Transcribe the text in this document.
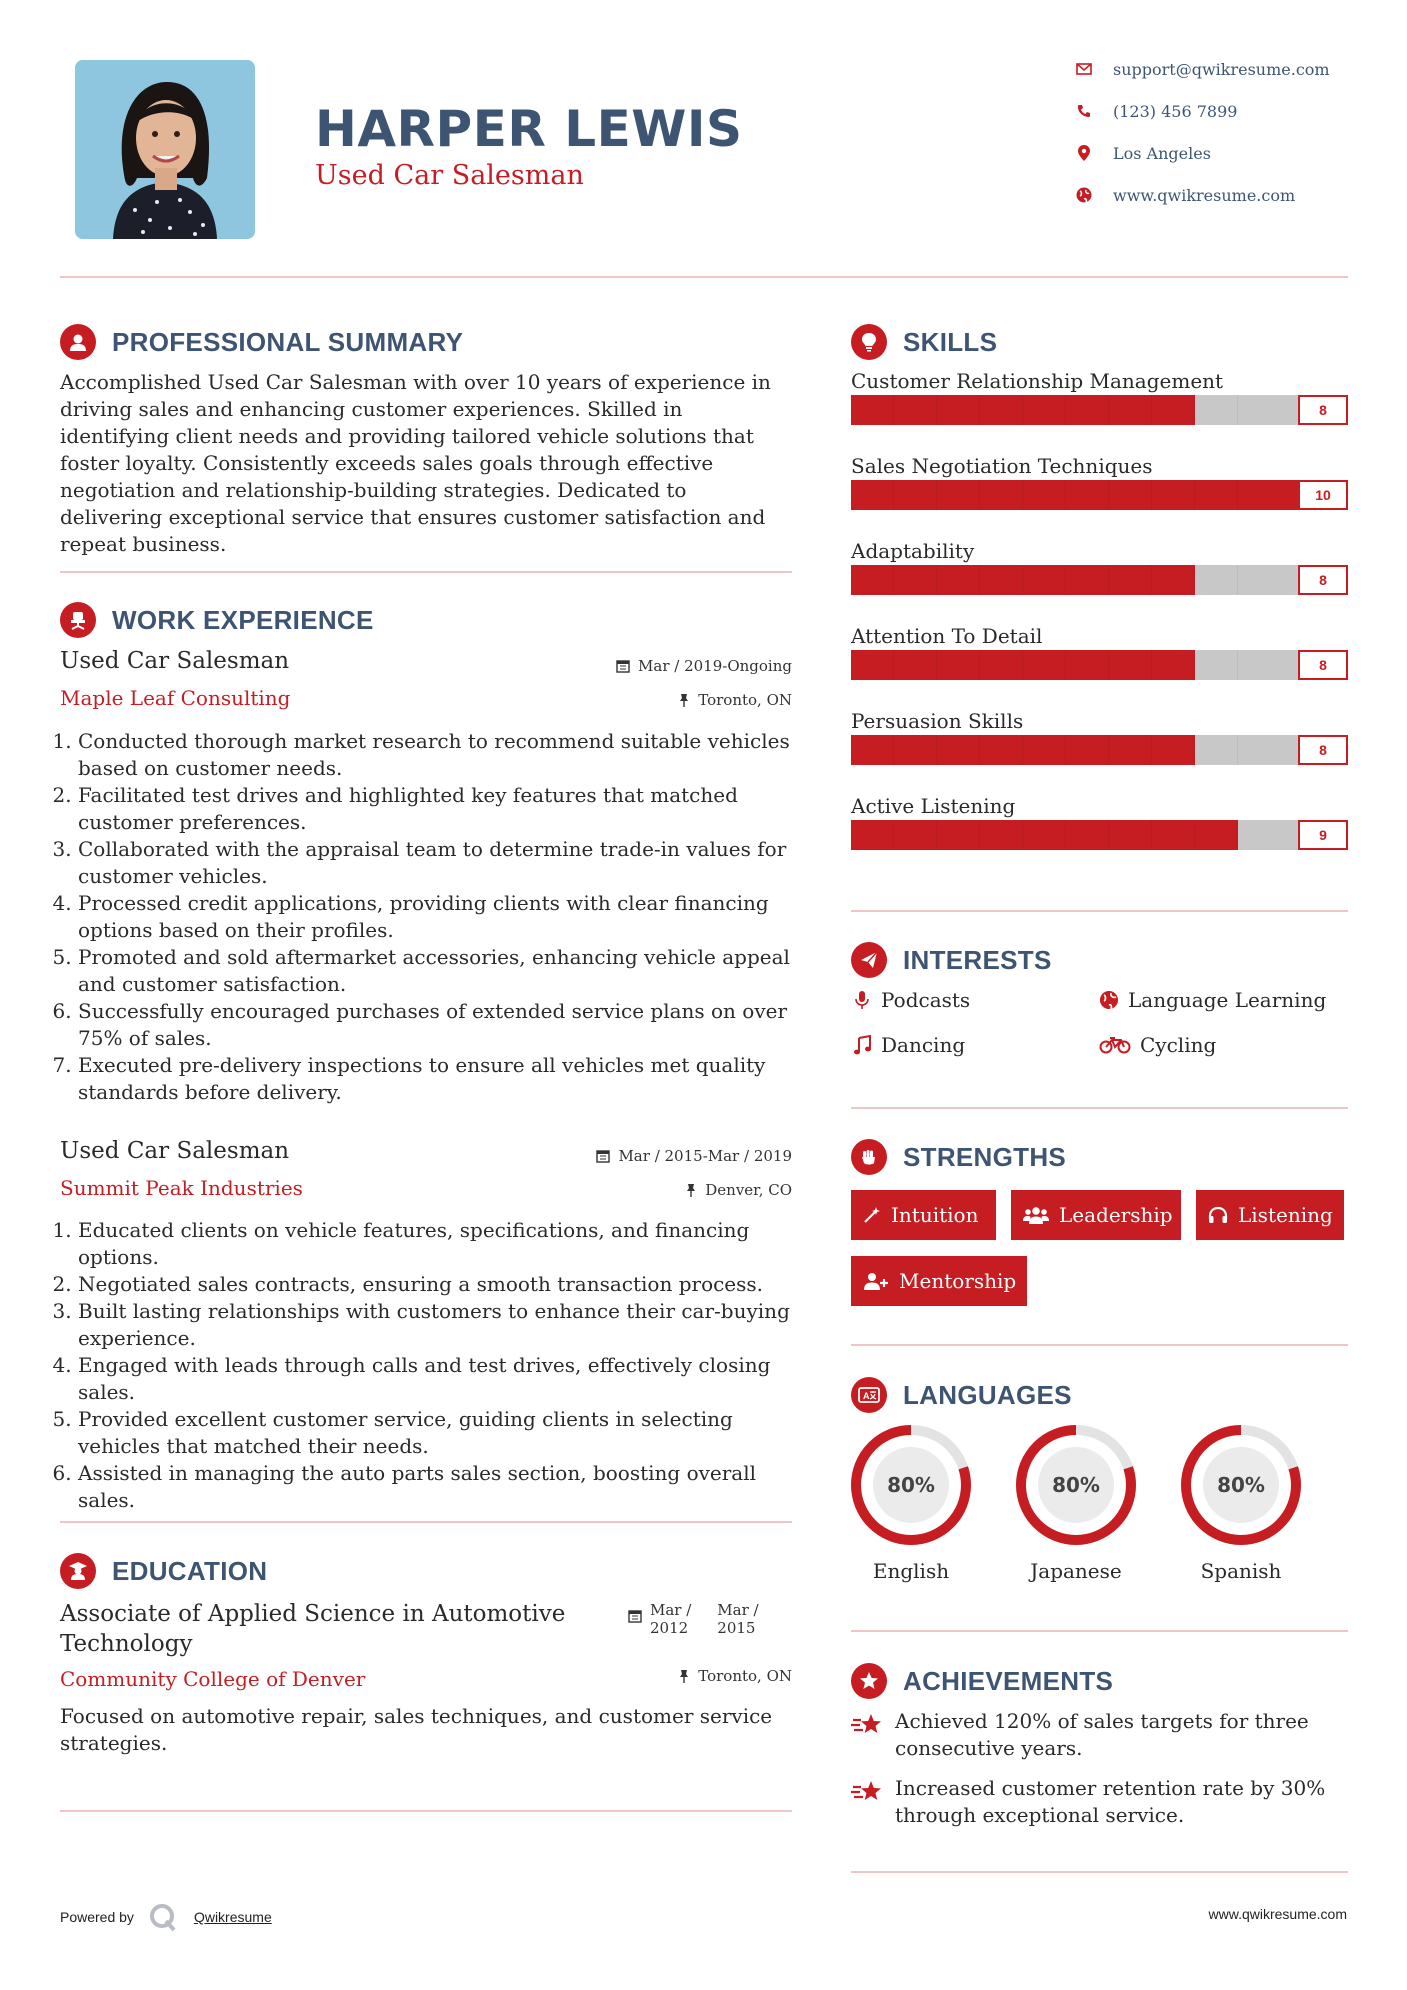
HARPER LEWIS
Used Car Salesman
support@qwikresume.com
(123) 456 7899
Los Angeles
www.qwikresume.com
PROFESSIONAL SUMMARY
Accomplished Used Car Salesman with over 10 years of experience in driving sales and enhancing customer experiences. Skilled in identifying client needs and providing tailored vehicle solutions that foster loyalty. Consistently exceeds sales goals through effective negotiation and relationship-building strategies. Dedicated to delivering exceptional service that ensures customer satisfaction and repeat business.
WORK EXPERIENCE
Used Car Salesman	Mar / 2019-Ongoing
Maple Leaf Consulting	Toronto, ON
1. Conducted thorough market research to recommend suitable vehicles based on customer needs.
2. Facilitated test drives and highlighted key features that matched customer preferences.
3. Collaborated with the appraisal team to determine trade-in values for customer vehicles.
4. Processed credit applications, providing clients with clear financing options based on their profiles.
5. Promoted and sold aftermarket accessories, enhancing vehicle appeal and customer satisfaction.
6. Successfully encouraged purchases of extended service plans on over 75% of sales.
7. Executed pre-delivery inspections to ensure all vehicles met quality standards before delivery.
Used Car Salesman	Mar / 2015-Mar / 2019
Summit Peak Industries	Denver, CO
1. Educated clients on vehicle features, specifications, and financing options.
2. Negotiated sales contracts, ensuring a smooth transaction process.
3. Built lasting relationships with customers to enhance their car-buying experience.
4. Engaged with leads through calls and test drives, effectively closing sales.
5. Provided excellent customer service, guiding clients in selecting vehicles that matched their needs.
6. Assisted in managing the auto parts sales section, boosting overall sales.
EDUCATION
Associate of Applied Science in Automotive Technology
Mar /
2012
Mar /
2015
Community College of Denver	Toronto, ON
Focused on automotive repair, sales techniques, and customer service strategies.
SKILLS
Customer Relationship Management
8
Sales Negotiation Techniques
10
Adaptability
8
Attention To Detail
8
Persuasion Skills
8
Active Listening
9
INTERESTS
Podcasts	Language Learning
Dancing	Cycling
STRENGTHS
Intuition	Leadership	Listening
Mentorship
A LANGUAGES
80%
English
80%
Japanese
80%
Spanish
ACHIEVEMENTS
Achieved 120% of sales targets for three consecutive years.
Increased customer retention rate by 30% through exceptional service.
Powered by	Qwikresume	www.qwikresume.com
